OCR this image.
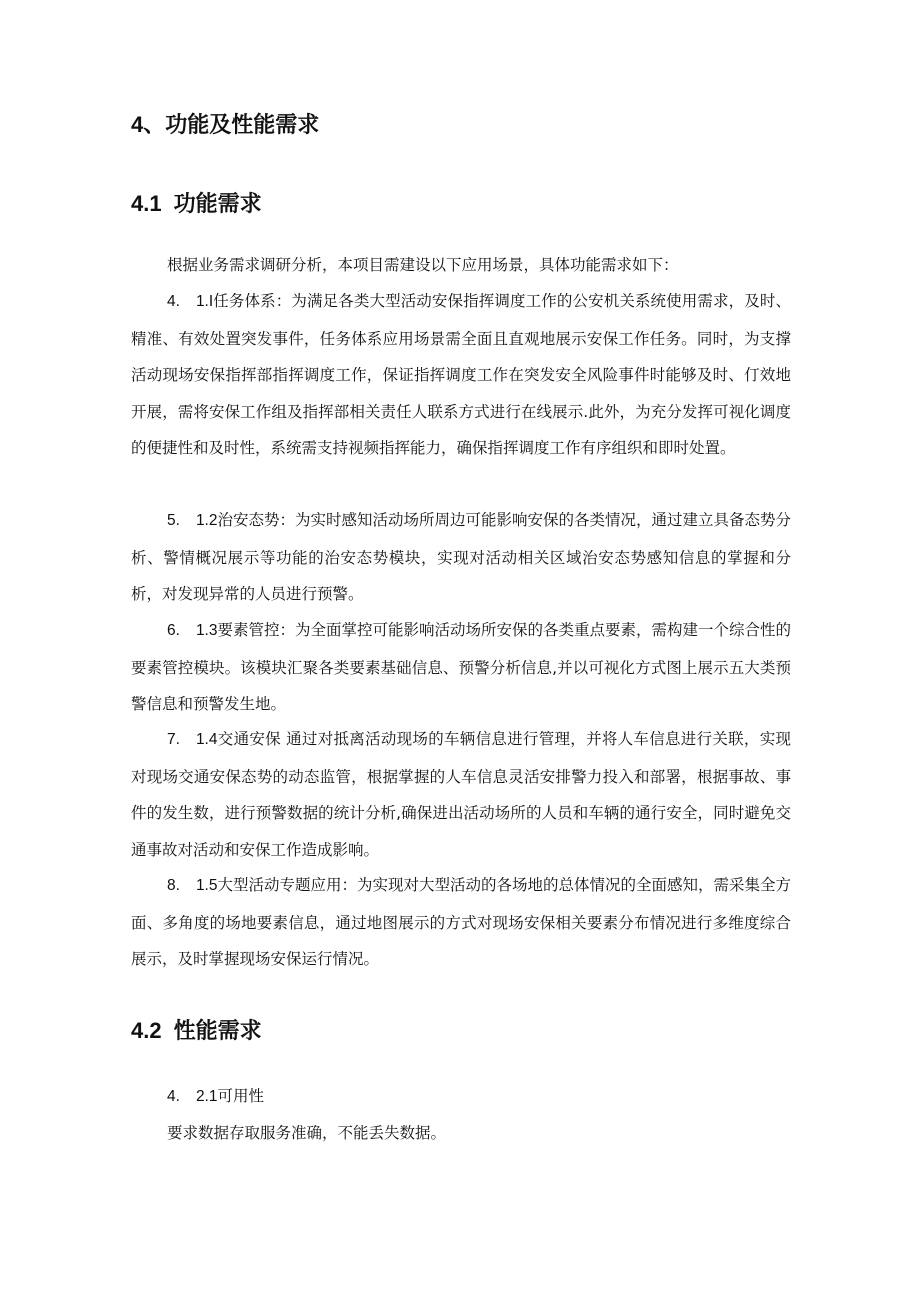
4、功能及性能需求
4.1 功能需求

根据业务需求调研分析，本项目需建设以下应用场景，具体功能需求如下：

4. 1.I任务体系：为满足各类大型活动安保指挥调度工作的公安机关系统使用需求，及时、精准、有效处置突发事件，任务体系应用场景需全面且直观地展示安保工作任务。同时，为支撑活动现场安保指挥部指挥调度工作，保证指挥调度工作在突发安全风险事件时能够及时、仃效地开展，需将安保工作组及指挥部相关责任人联系方式进行在线展示.此外，为充分发挥可视化调度的便捷性和及时性，系统需支持视频指挥能力，确保指挥调度工作有序组织和即时处置。

5. 1.2治安态势：为实时感知活动场所周边可能影响安保的各类情况，通过建立具备态势分析、警情概况展示等功能的治安态势模块，实现对活动相关区域治安态势感知信息的掌握和分析，对发现异常的人员进行预警。

6. 1.3要素管控：为全面掌控可能影响活动场所安保的各类重点要素，需构建一个综合性的要素管控模块。该模块汇聚各类要素基础信息、预警分析信息,并以可视化方式图上展示五大类预警信息和预警发生地。

7. 1.4交通安保 通过对抵离活动现场的车辆信息进行管理，并将人车信息进行关联，实现对现场交通安保态势的动态监管，根据掌握的人车信息灵活安排警力投入和部署，根据事故、事件的发生数，进行预警数据的统计分析,确保进出活动场所的人员和车辆的通行安全，同时避免交通事故对活动和安保工作造成影响。

8. 1.5大型活动专题应用：为实现对大型活动的各场地的总体情况的全面感知，需采集全方面、多角度的场地要素信息，通过地图展示的方式对现场安保相关要素分布情况进行多维度综合展示，及时掌握现场安保运行情况。

4.2 性能需求

4. 2.1可用性

要求数据存取服务准确，不能丢失数据。
